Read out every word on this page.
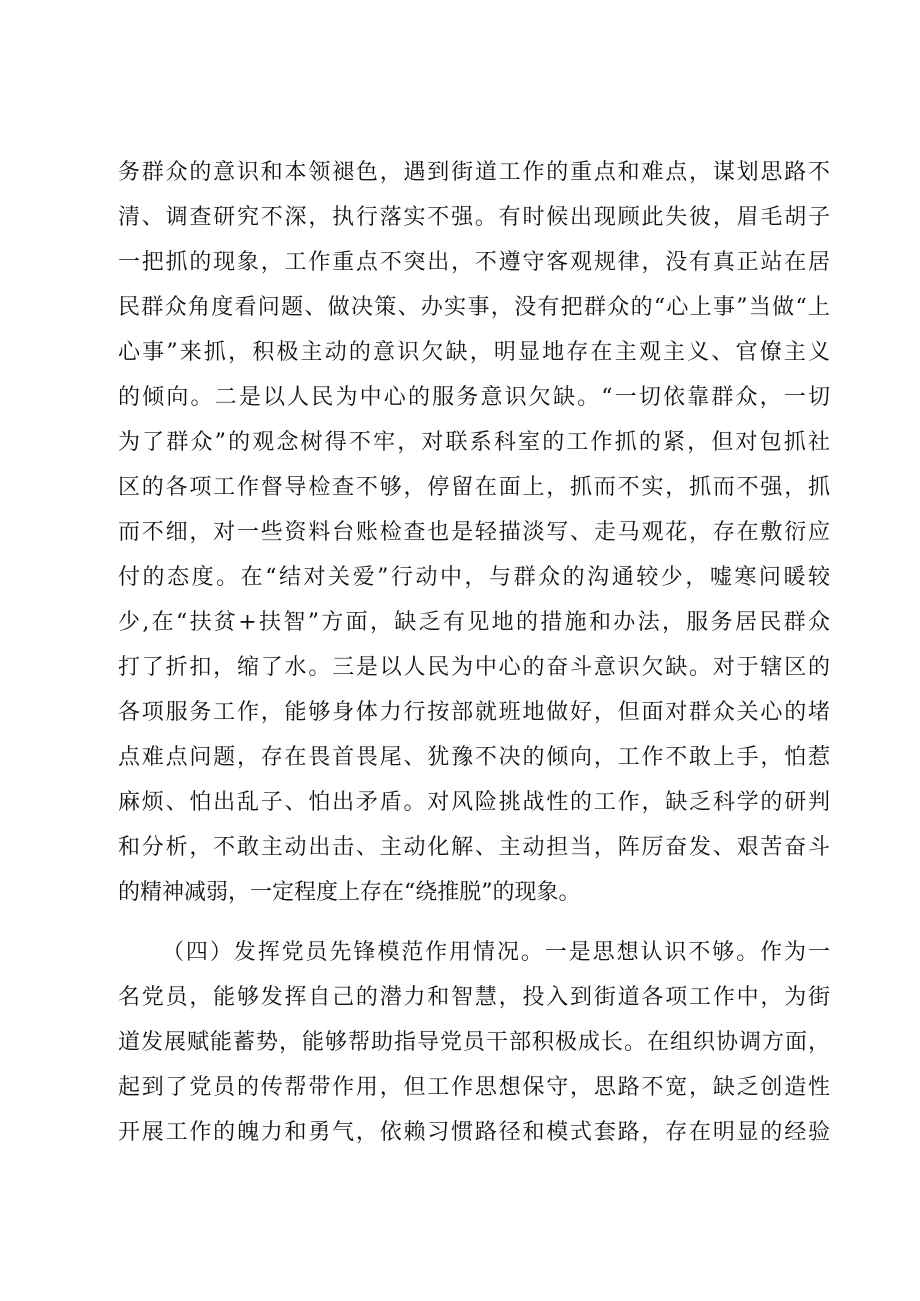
务群众的意识和本领褪色，遇到街道工作的重点和难点，谋划思路不
清、调查研究不深，执行落实不强。有时候出现顾此失彼，眉毛胡子
一把抓的现象，工作重点不突出，不遵守客观规律，没有真正站在居
民群众角度看问题、做决策、办实事，没有把群众的“心上事”当做“上
心事”来抓，积极主动的意识欠缺，明显地存在主观主义、官僚主义
的倾向。二是以人民为中心的服务意识欠缺。“一切依靠群众，一切
为了群众”的观念树得不牢，对联系科室的工作抓的紧，但对包抓社
区的各项工作督导检查不够，停留在面上，抓而不实，抓而不强，抓
而不细，对一些资料台账检查也是轻描淡写、走马观花，存在敷衍应
付的态度。在“结对关爱”行动中，与群众的沟通较少，嘘寒问暖较
少,在“扶贫+扶智”方面，缺乏有见地的措施和办法，服务居民群众
打了折扣，缩了水。三是以人民为中心的奋斗意识欠缺。对于辖区的
各项服务工作，能够身体力行按部就班地做好，但面对群众关心的堵
点难点问题，存在畏首畏尾、犹豫不决的倾向，工作不敢上手，怕惹
麻烦、怕出乱子、怕出矛盾。对风险挑战性的工作，缺乏科学的研判
和分析，不敢主动出击、主动化解、主动担当，阵厉奋发、艰苦奋斗
的精神减弱，一定程度上存在“绕推脱”的现象。
（四）发挥党员先锋模范作用情况。一是思想认识不够。作为一
名党员，能够发挥自己的潜力和智慧，投入到街道各项工作中，为街
道发展赋能蓄势，能够帮助指导党员干部积极成长。在组织协调方面，
起到了党员的传帮带作用，但工作思想保守，思路不宽，缺乏创造性
开展工作的魄力和勇气，依赖习惯路径和模式套路，存在明显的经验
